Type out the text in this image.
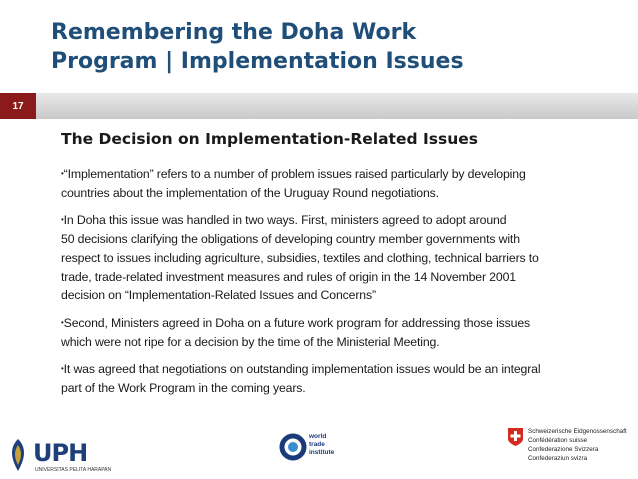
Remembering the Doha Work
Program | Implementation Issues
17
The Decision on Implementation-Related Issues
•“Implementation” refers to a number of problem issues raised particularly by developing
countries about the implementation of the Uruguay Round negotiations.
•In Doha this issue was handled in two ways. First, ministers agreed to adopt around
50 decisions clarifying the obligations of developing country member governments with
respect to issues including agriculture, subsidies, textiles and clothing, technical barriers to
trade, trade-related investment measures and rules of origin in the 14 November 2001
decision on “Implementation-Related Issues and Concerns”
•Second, Ministers agreed in Doha on a future work program for addressing those issues
which were not ripe for a decision by the time of the Ministerial Meeting.
•It was agreed that negotiations on outstanding implementation issues would be an integral
part of the Work Program in the coming years.
UPH
UNIVERSITAS PELITA HARAPAN
world
trade
institute
Schweizerische Eidgenossenschaft
Confédération suisse
Confederazione Svizzera
Confederaziun svizra
